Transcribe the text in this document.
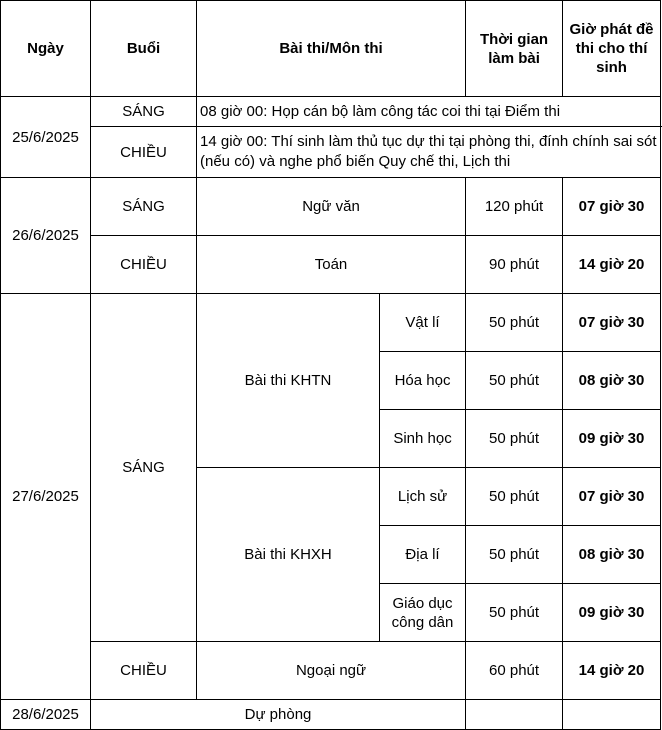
Ngày	Buổi	Bài thi/Môn thi		Thời gian làm bài	Giờ phát đề thi cho thí sinh	
25/6/2025	SÁNG	08 giờ 00: Họp cán bộ làm công tác coi thi tại Điểm thi				
	CHIỀU	14 giờ 00: Thí sinh làm thủ tục dự thi tại phòng thi, đính chính sai sót (nếu có) và nghe phổ biến Quy chế thi, Lịch thi				
26/6/2025	SÁNG	Ngữ văn		120 phút	07 giờ 30	
	CHIỀU	Toán		90 phút	14 giờ 20	
27/6/2025	SÁNG	Bài thi KHTN	Vật lí	50 phút	07 giờ 30	
			Hóa học	50 phút	08 giờ 30	
			Sinh học	50 phút	09 giờ 30	
		Bài thi KHXH	Lịch sử	50 phút	07 giờ 30	
			Địa lí	50 phút	08 giờ 30	
			Giáo dục công dân	50 phút	09 giờ 30	
	CHIỀU	Ngoại ngữ		60 phút	14 giờ 20	
28/6/2025	Dự phòng					
